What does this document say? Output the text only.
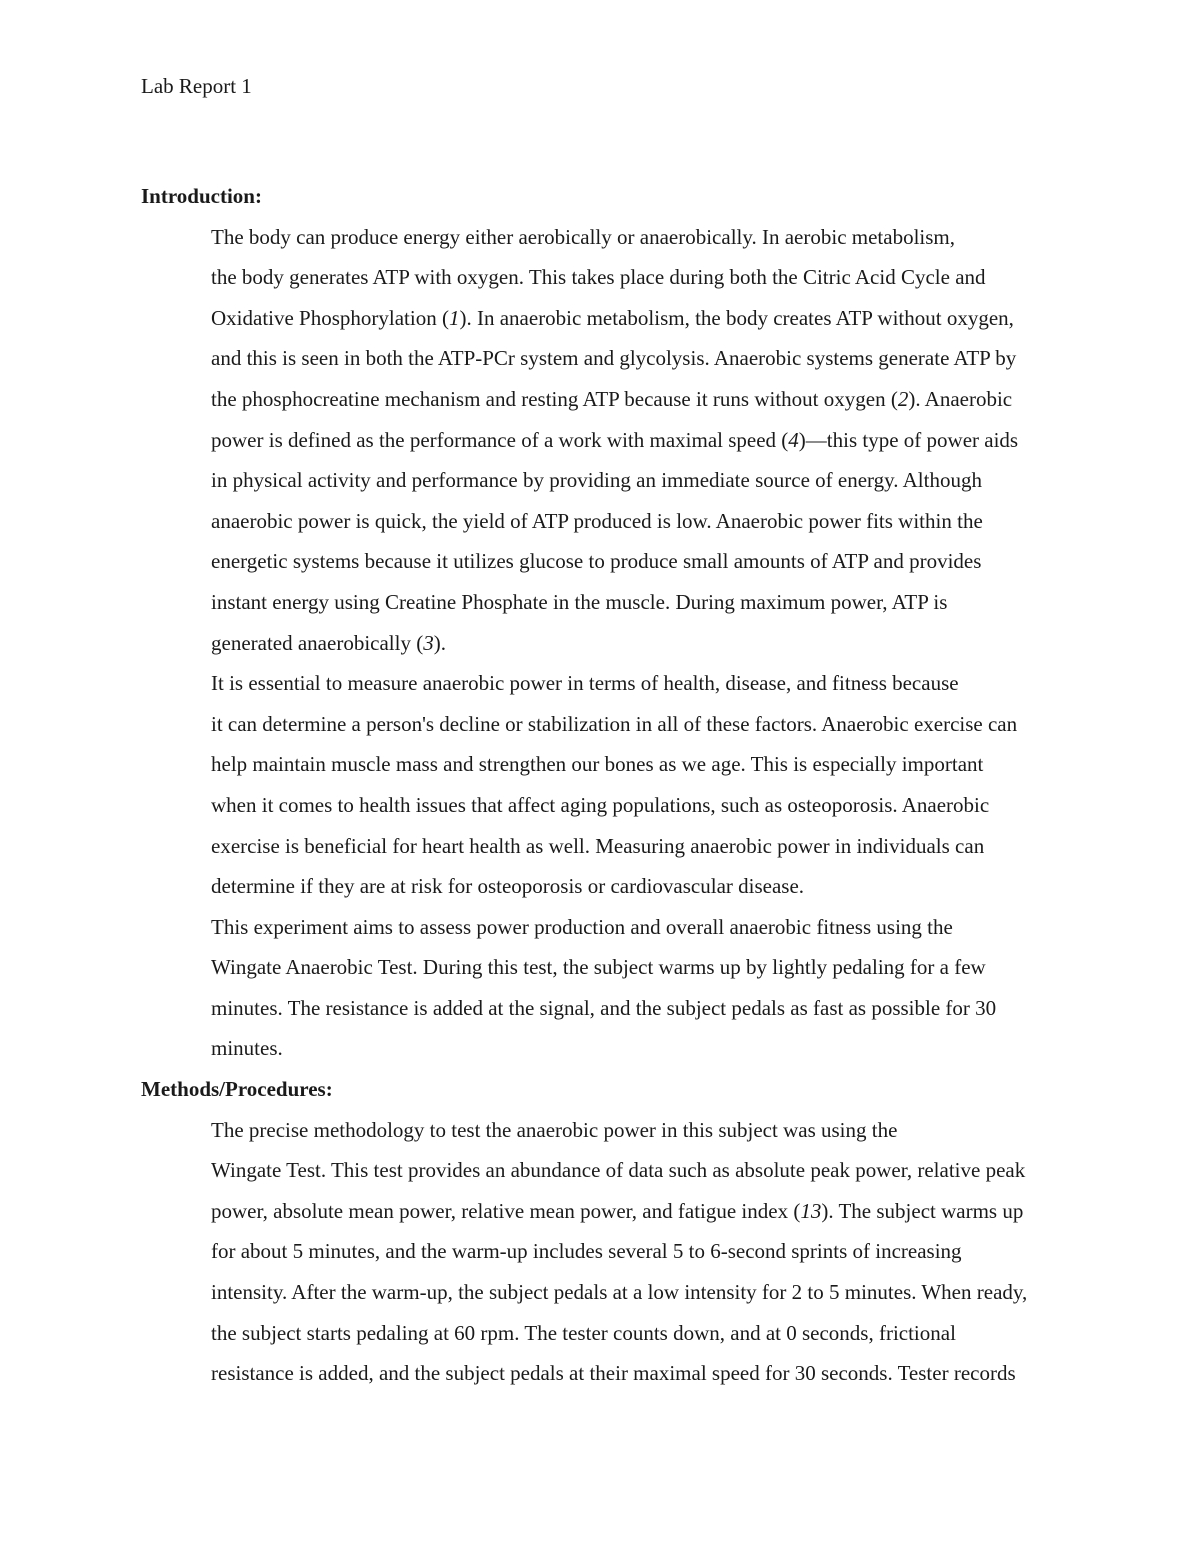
Lab Report 1

Introduction:

The body can produce energy either aerobically or anaerobically. In aerobic metabolism,
the body generates ATP with oxygen. This takes place during both the Citric Acid Cycle and
Oxidative Phosphorylation (1). In anaerobic metabolism, the body creates ATP without oxygen,
and this is seen in both the ATP-PCr system and glycolysis. Anaerobic systems generate ATP by
the phosphocreatine mechanism and resting ATP because it runs without oxygen (2). Anaerobic
power is defined as the performance of a work with maximal speed (4)—this type of power aids
in physical activity and performance by providing an immediate source of energy. Although
anaerobic power is quick, the yield of ATP produced is low. Anaerobic power fits within the
energetic systems because it utilizes glucose to produce small amounts of ATP and provides
instant energy using Creatine Phosphate in the muscle. During maximum power, ATP is
generated anaerobically (3).

It is essential to measure anaerobic power in terms of health, disease, and fitness because
it can determine a person's decline or stabilization in all of these factors. Anaerobic exercise can
help maintain muscle mass and strengthen our bones as we age. This is especially important
when it comes to health issues that affect aging populations, such as osteoporosis. Anaerobic
exercise is beneficial for heart health as well. Measuring anaerobic power in individuals can
determine if they are at risk for osteoporosis or cardiovascular disease.

This experiment aims to assess power production and overall anaerobic fitness using the
Wingate Anaerobic Test. During this test, the subject warms up by lightly pedaling for a few
minutes. The resistance is added at the signal, and the subject pedals as fast as possible for 30
minutes.

Methods/Procedures:

The precise methodology to test the anaerobic power in this subject was using the
Wingate Test. This test provides an abundance of data such as absolute peak power, relative peak
power, absolute mean power, relative mean power, and fatigue index (13). The subject warms up
for about 5 minutes, and the warm-up includes several 5 to 6-second sprints of increasing
intensity. After the warm-up, the subject pedals at a low intensity for 2 to 5 minutes. When ready,
the subject starts pedaling at 60 rpm. The tester counts down, and at 0 seconds, frictional
resistance is added, and the subject pedals at their maximal speed for 30 seconds. Tester records
